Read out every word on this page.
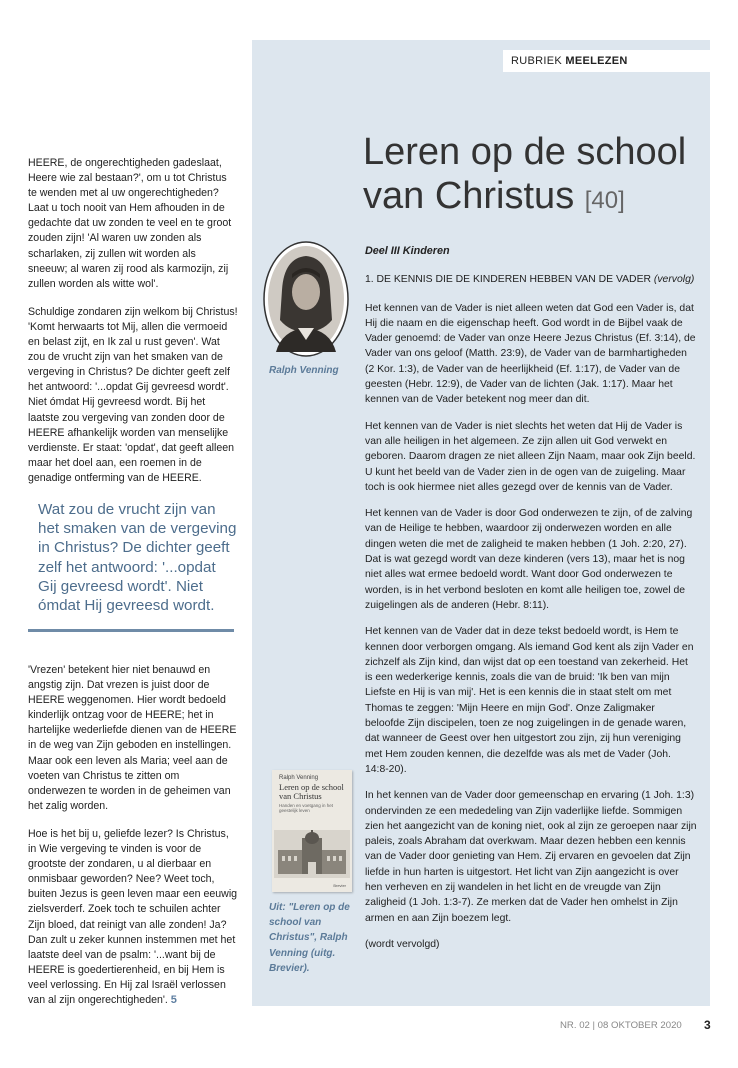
RUBRIEK MEELEZEN
Leren op de school
van Christus [40]

HEERE, de ongerechtigheden gadeslaat, Heere wie zal bestaan?', om u tot Christus te wenden met al uw ongerechtigheden? Laat u toch nooit van Hem afhouden in de gedachte dat uw zonden te veel en te groot zouden zijn! 'Al waren uw zonden als scharlaken, zij zullen wit worden als sneeuw; al waren zij rood als karmozijn, zij zullen worden als witte wol'.

Schuldige zondaren zijn welkom bij Christus! 'Komt herwaarts tot Mij, allen die vermoeid en belast zijt, en Ik zal u rust geven'. Wat zou de vrucht zijn van het smaken van de vergeving in Christus? De dichter geeft zelf het antwoord: '...opdat Gij gevreesd wordt'. Niet ómdat Hij gevreesd wordt. Bij het laatste zou vergeving van zonden door de HEERE afhankelijk worden van menselijke verdienste. Er staat: 'opdat', dat geeft alleen maar het doel aan, een roemen in de genadige ontferming van de HEERE.

Wat zou de vrucht zijn van het smaken van de vergeving in Christus? De dichter geeft zelf het antwoord: '...opdat Gij gevreesd wordt'. Niet ómdat Hij gevreesd wordt.

'Vrezen' betekent hier niet benauwd en angstig zijn. Dat vrezen is juist door de HEERE weggenomen. Hier wordt bedoeld kinderlijk ontzag voor de HEERE; het in hartelijke wederliefde dienen van de HEERE in de weg van Zijn geboden en instellingen. Maar ook een leven als Maria; veel aan de voeten van Christus te zitten om onderwezen te worden in de geheimen van het zalig worden.

Hoe is het bij u, geliefde lezer? Is Christus, in Wie vergeving te vinden is voor de grootste der zondaren, u al dierbaar en onmisbaar geworden? Nee? Weet toch, buiten Jezus is geen leven maar een eeuwig zielsverderf. Zoek toch te schuilen achter Zijn bloed, dat reinigt van alle zonden! Ja? Dan zult u zeker kunnen instemmen met het laatste deel van de psalm: '...want bij de HEERE is goedertierenheid, en bij Hem is veel verlossing. En Hij zal Israël verlossen van al zijn ongerechtigheden'. 5

Ralph Venning
Ralph Venning
Leren op de school van Christus
Handen en voetgang in het geestelijk leven
Brevier
Uit: "Leren op de school van Christus", Ralph Venning (uitg. Brevier).
Deel III Kinderen
1. DE KENNIS DIE DE KINDEREN HEBBEN VAN DE VADER (vervolg)

Het kennen van de Vader is niet alleen weten dat God een Vader is, dat Hij die naam en die eigenschap heeft. God wordt in de Bijbel vaak de Vader genoemd: de Vader van onze Heere Jezus Christus (Ef. 3:14), de Vader van ons geloof (Matth. 23:9), de Vader van de barmhartigheden (2 Kor. 1:3), de Vader van de heerlijkheid (Ef. 1:17), de Vader van de geesten (Hebr. 12:9), de Vader van de lichten (Jak. 1:17). Maar het kennen van de Vader betekent nog meer dan dit.

Het kennen van de Vader is niet slechts het weten dat Hij de Vader is van alle heiligen in het algemeen. Ze zijn allen uit God verwekt en geboren. Daarom dragen ze niet alleen Zijn Naam, maar ook Zijn beeld. U kunt het beeld van de Vader zien in de ogen van de zuigeling. Maar toch is ook hiermee niet alles gezegd over de kennis van de Vader.

Het kennen van de Vader is door God onderwezen te zijn, of de zalving van de Heilige te hebben, waardoor zij onderwezen worden en alle dingen weten die met de zaligheid te maken hebben (1 Joh. 2:20, 27). Dat is wat gezegd wordt van deze kinderen (vers 13), maar het is nog niet alles wat ermee bedoeld wordt. Want door God onderwezen te worden, is in het verbond besloten en komt alle heiligen toe, zowel de zuigelingen als de anderen (Hebr. 8:11).

Het kennen van de Vader dat in deze tekst bedoeld wordt, is Hem te kennen door verborgen omgang. Als iemand God kent als zijn Vader en zichzelf als Zijn kind, dan wijst dat op een toestand van zekerheid. Het is een wederkerige kennis, zoals die van de bruid: 'Ik ben van mijn Liefste en Hij is van mij'. Het is een kennis die in staat stelt om met Thomas te zeggen: 'Mijn Heere en mijn God'. Onze Zaligmaker beloofde Zijn discipelen, toen ze nog zuigelingen in de genade waren, dat wanneer de Geest over hen uitgestort zou zijn, zij hun vereniging met Hem zouden kennen, die dezelfde was als met de Vader (Joh. 14:8-20).

In het kennen van de Vader door gemeenschap en ervaring (1 Joh. 1:3) ondervinden ze een mededeling van Zijn vaderlijke liefde. Sommigen zien het aangezicht van de koning niet, ook al zijn ze geroepen naar zijn paleis, zoals Abraham dat overkwam. Maar dezen hebben een kennis van de Vader door genieting van Hem. Zij ervaren en gevoelen dat Zijn liefde in hun harten is uitgestort. Het licht van Zijn aangezicht is over hen verheven en zij wandelen in het licht en de vreugde van Zijn zaligheid (1 Joh. 1:3-7). Ze merken dat de Vader hen omhelst in Zijn armen en aan Zijn boezem legt.

(wordt vervolgd)

NR. 02 | 08 OKTOBER 2020 3
